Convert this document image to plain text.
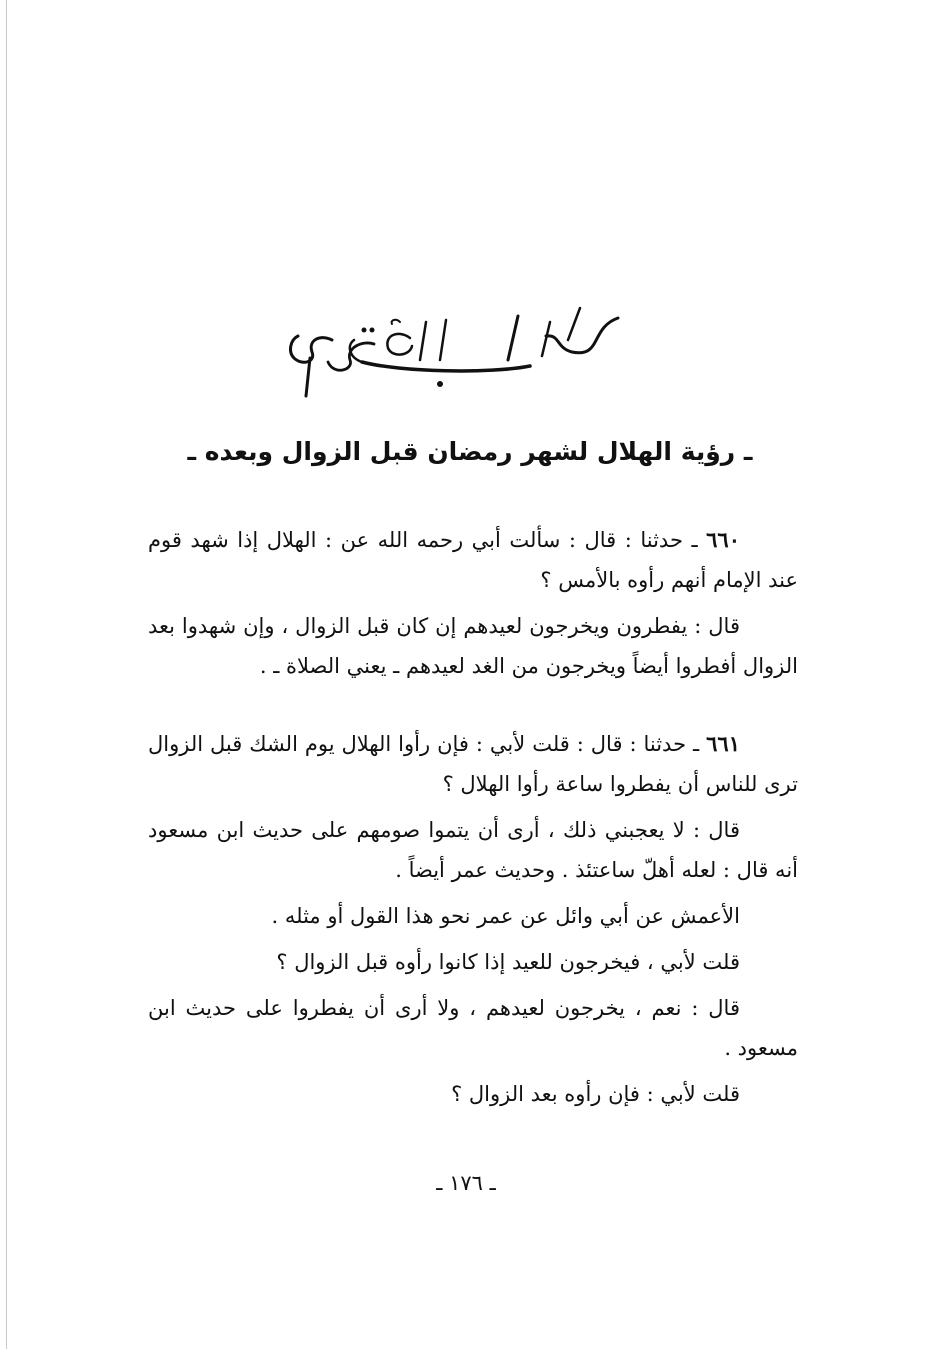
ـ رؤية الهلال لشهر رمضان قبل الزوال وبعده ـ

٦٦٠ ـ حدثنا : قال : سألت أبي رحمه الله عن : الهلال إذا شهد قوم عند الإمام أنهم رأوه بالأمس ؟

قال : يفطرون ويخرجون لعيدهم إن كان قبل الزوال ، وإن شهدوا بعد الزوال أفطروا أيضاً ويخرجون من الغد لعيدهم ـ يعني الصلاة ـ .

٦٦١ ـ حدثنا : قال : قلت لأبي : فإن رأوا الهلال يوم الشك قبل الزوال ترى للناس أن يفطروا ساعة رأوا الهلال ؟

قال : لا يعجبني ذلك ، أرى أن يتموا صومهم على حديث ابن مسعود أنه قال : لعله أهلّ ساعتئذ . وحديث عمر أيضاً .

الأعمش عن أبي وائل عن عمر نحو هذا القول أو مثله .

قلت لأبي ، فيخرجون للعيد إذا كانوا رأوه قبل الزوال ؟

قال : نعم ، يخرجون لعيدهم ، ولا أرى أن يفطروا على حديث ابن مسعود .

قلت لأبي : فإن رأوه بعد الزوال ؟

ـ ١٧٦ ـ
